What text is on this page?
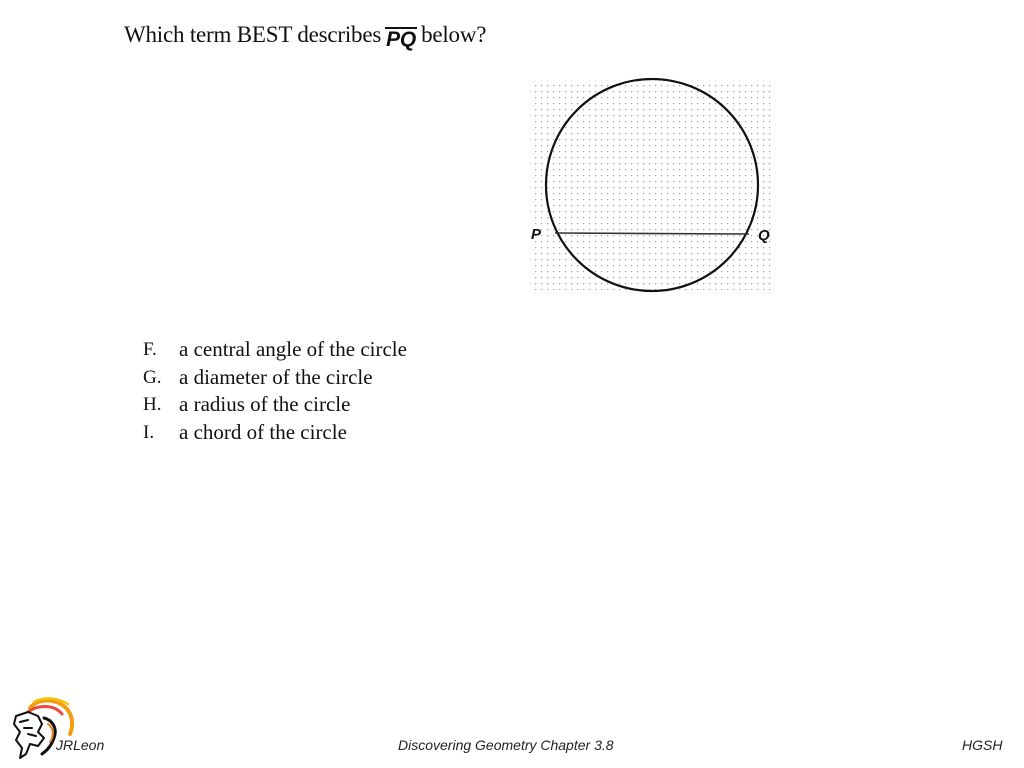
Which term BEST describes PQ below?
P	Q
F.	a central angle of the circle
G. a diameter of the circle
H. a radius of the circle
I.	a chord of the circle
JRLeon	Discovering Geometry Chapter 3.8	HGSH
